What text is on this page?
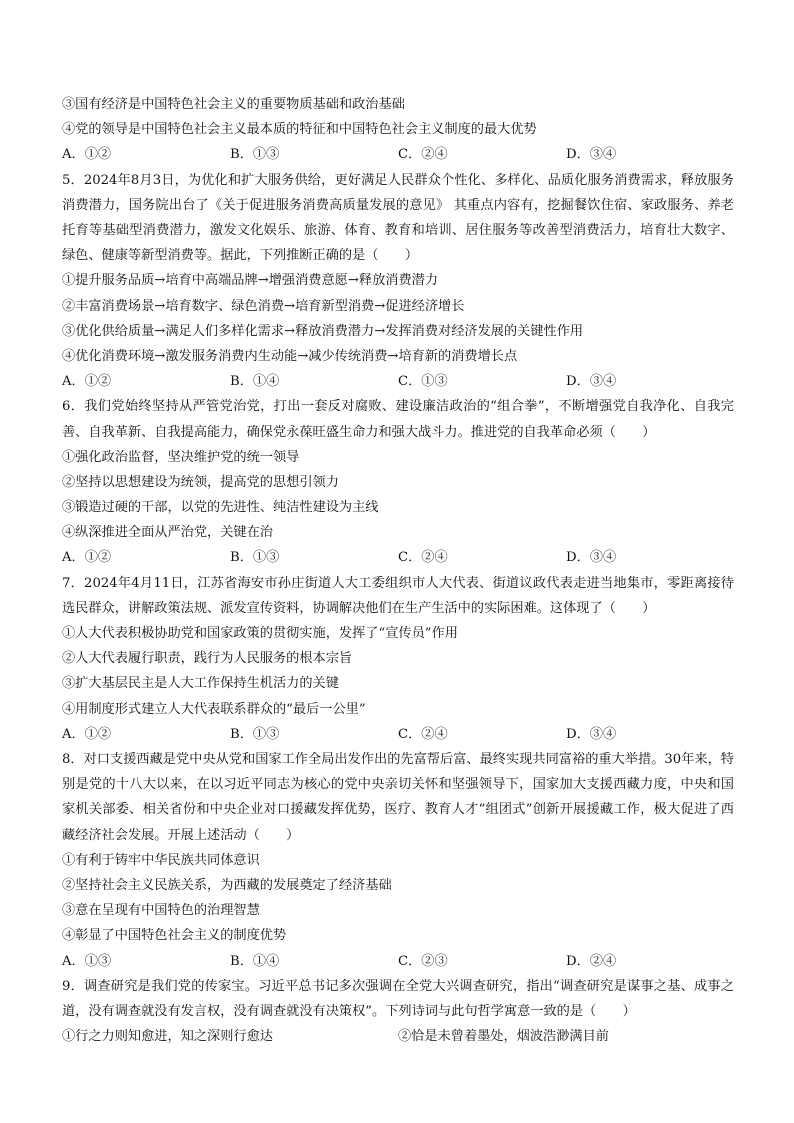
③国有经济是中国特色社会主义的重要物质基础和政治基础
④党的领导是中国特色社会主义最本质的特征和中国特色社会主义制度的最大优势
A．①②	B．①③	C．②④	D．③④
5．2024年8月3日，为优化和扩大服务供给，更好满足人民群众个性化、多样化、品质化服务消费需求，释放服务消费潜力，国务院出台了《关于促进服务消费高质量发展的意见》 其重点内容有，挖掘餐饮住宿、家政服务、养老托育等基础型消费潜力，激发文化娱乐、旅游、体育、教育和培训、居住服务等改善型消费活力，培育壮大数字、绿色、健康等新型消费等。据此，下列推断正确的是（　　）
①提升服务品质→培育中高端品牌→增强消费意愿→释放消费潜力
②丰富消费场景→培育数字、绿色消费→培育新型消费→促进经济增长
③优化供给质量→满足人们多样化需求→释放消费潜力→发挥消费对经济发展的关键性作用
④优化消费环境→激发服务消费内生动能→减少传统消费→培育新的消费增长点
A．①②	B．①④	C．①③	D．③④
6．我们党始终坚持从严管党治党，打出一套反对腐败、建设廉洁政治的“组合拳”，不断增强党自我净化、自我完善、自我革新、自我提高能力，确保党永葆旺盛生命力和强大战斗力。推进党的自我革命必须（　　）
①强化政治监督，坚决维护党的统一领导
②坚持以思想建设为统领，提高党的思想引领力
③锻造过硬的干部，以党的先进性、纯洁性建设为主线
④纵深推进全面从严治党，关键在治
A．①②	B．①③	C．②④	D．③④
7．2024年4月11日，江苏省海安市孙庄街道人大工委组织市人大代表、街道议政代表走进当地集市，零距离接待选民群众，讲解政策法规、派发宣传资料，协调解决他们在生产生活中的实际困难。这体现了（　　）
①人大代表积极协助党和国家政策的贯彻实施，发挥了“宣传员”作用
②人大代表履行职责，践行为人民服务的根本宗旨
③扩大基层民主是人大工作保持生机活力的关键
④用制度形式建立人大代表联系群众的“最后一公里”
A．①②	B．①③	C．②④	D．③④
8．对口支援西藏是党中央从党和国家工作全局出发作出的先富帮后富、最终实现共同富裕的重大举措。30年来，特别是党的十八大以来，在以习近平同志为核心的党中央亲切关怀和坚强领导下，国家加大支援西藏力度，中央和国家机关部委、相关省份和中央企业对口援藏发挥优势，医疗、教育人才“组团式”创新开展援藏工作，极大促进了西藏经济社会发展。开展上述活动（　　）
①有利于铸牢中华民族共同体意识
②坚持社会主义民族关系，为西藏的发展奠定了经济基础
③意在呈现有中国特色的治理智慧
④彰显了中国特色社会主义的制度优势
A．①③	B．①④	C．②③	D．②④
9．调查研究是我们党的传家宝。习近平总书记多次强调在全党大兴调查研究，指出“调查研究是谋事之基、成事之道，没有调查就没有发言权，没有调查就没有决策权”。下列诗词与此句哲学寓意一致的是（　　）
①行之力则知愈进，知之深则行愈达	②恰是未曾着墨处，烟波浩渺满目前
